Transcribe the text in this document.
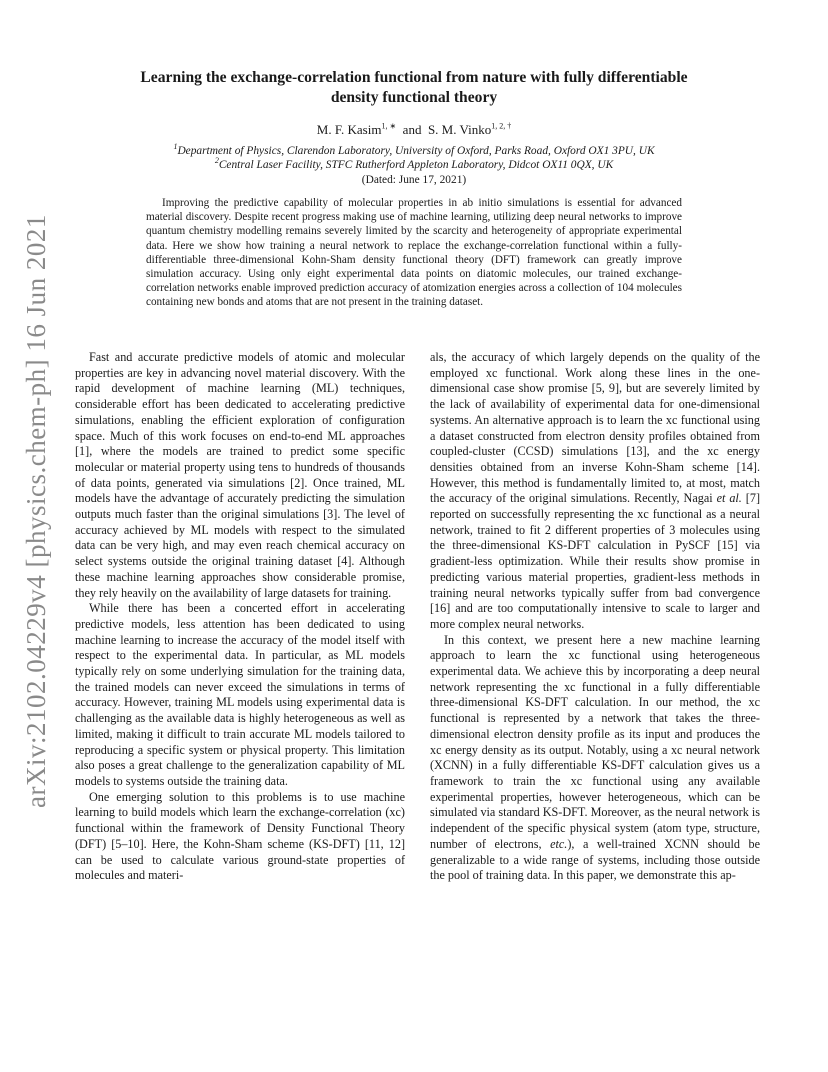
arXiv:2102.04229v4 [physics.chem-ph] 16 Jun 2021
Learning the exchange-correlation functional from nature with fully differentiable
density functional theory
M. F. Kasim$^{1, ∗}$ and S. M. Vinko$^{1, 2, \dagger}$
$^1$Department of Physics, Clarendon Laboratory, University of Oxford, Parks Road, Oxford OX1 3PU, UK
$^2$Central Laser Facility, STFC Rutherford Appleton Laboratory, Didcot OX11 0QX, UK
(Dated: June 17, 2021)

Improving the predictive capability of molecular properties in ab initio simulations is essential for advanced material discovery. Despite recent progress making use of machine learning, utilizing deep neural networks to improve quantum chemistry modelling remains severely limited by the scarcity and heterogeneity of appropriate experimental data. Here we show how training a neural network to replace the exchange-correlation functional within a fully-differentiable three-dimensional Kohn-Sham density functional theory (DFT) framework can greatly improve simulation accuracy. Using only eight experimental data points on diatomic molecules, our trained exchange-correlation networks enable improved prediction accuracy of atomization energies across a collection of 104 molecules containing new bonds and atoms that are not present in the training dataset.

Fast and accurate predictive models of atomic and molecular properties are key in advancing novel material discovery. With the rapid development of machine learning (ML) techniques, considerable effort has been dedicated to accelerating predictive simulations, enabling the efficient exploration of configuration space. Much of this work focuses on end-to-end ML approaches [1], where the models are trained to predict some specific molecular or material property using tens to hundreds of thousands of data points, generated via simulations [2]. Once trained, ML models have the advantage of accurately predicting the simulation outputs much faster than the original simulations [3]. The level of accuracy achieved by ML models with respect to the simulated data can be very high, and may even reach chemical accuracy on select systems outside the original training dataset [4]. Although these machine learning approaches show considerable promise, they rely heavily on the availability of large datasets for training.

While there has been a concerted effort in accelerating predictive models, less attention has been dedicated to using machine learning to increase the accuracy of the model itself with respect to the experimental data. In particular, as ML models typically rely on some underlying simulation for the training data, the trained models can never exceed the simulations in terms of accuracy. However, training ML models using experimental data is challenging as the available data is highly heterogeneous as well as limited, making it difficult to train accurate ML models tailored to reproducing a specific system or physical property. This limitation also poses a great challenge to the generalization capability of ML models to systems outside the training data.

One emerging solution to this problems is to use machine learning to build models which learn the exchange-correlation (xc) functional within the framework of Density Functional Theory (DFT) [5–10]. Here, the Kohn-Sham scheme (KS-DFT) [11, 12] can be used to calculate various ground-state properties of molecules and materi-

als, the accuracy of which largely depends on the quality of the employed xc functional. Work along these lines in the one-dimensional case show promise [5, 9], but are severely limited by the lack of availability of experimental data for one-dimensional systems. An alternative approach is to learn the xc functional using a dataset constructed from electron density profiles obtained from coupled-cluster (CCSD) simulations [13], and the xc energy densities obtained from an inverse Kohn-Sham scheme [14]. However, this method is fundamentally limited to, at most, match the accuracy of the original simulations. Recently, Nagai et al. [7] reported on successfully representing the xc functional as a neural network, trained to fit 2 different properties of 3 molecules using the three-dimensional KS-DFT calculation in PySCF [15] via gradient-less optimization. While their results show promise in predicting various material properties, gradient-less methods in training neural networks typically suffer from bad convergence [16] and are too computationally intensive to scale to larger and more complex neural networks.

In this context, we present here a new machine learning approach to learn the xc functional using heterogeneous experimental data. We achieve this by incorporating a deep neural network representing the xc functional in a fully differentiable three-dimensional KS-DFT calculation. In our method, the xc functional is represented by a network that takes the three-dimensional electron density profile as its input and produces the xc energy density as its output. Notably, using a xc neural network (XCNN) in a fully differentiable KS-DFT calculation gives us a framework to train the xc functional using any available experimental properties, however heterogeneous, which can be simulated via standard KS-DFT. Moreover, as the neural network is independent of the specific physical system (atom type, structure, number of electrons, etc.), a well-trained XCNN should be generalizable to a wide range of systems, including those outside the pool of training data. In this paper, we demonstrate this ap-
